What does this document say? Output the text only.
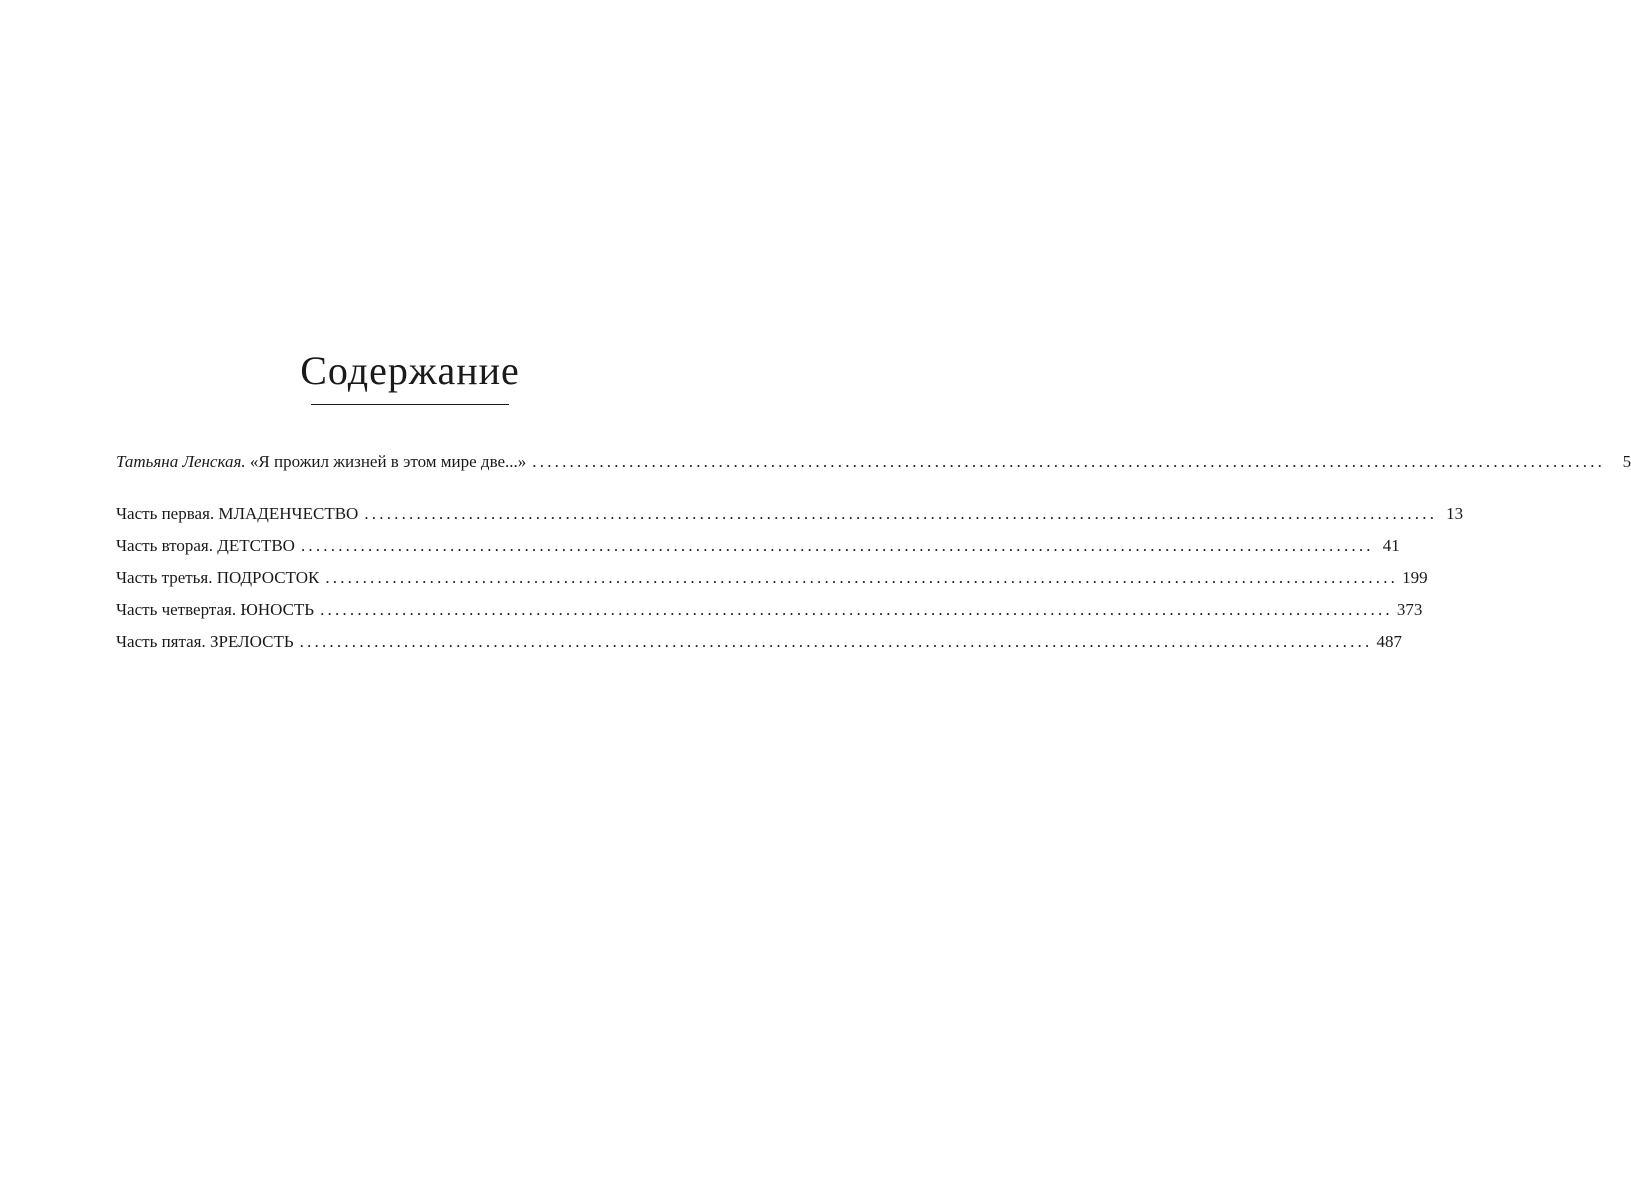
Содержание
Татьяна Ленская. «Я прожил жизней в этом мире две...» ................................................................................................................................................	5
Часть первая. МЛАДЕНЧЕСТВО ................................................................................................................................................ 13
Часть вторая. ДЕТСТВО ................................................................................................................................................ 41
Часть третья. ПОДРОСТОК ................................................................................................................................................ 199
Часть четвертая. ЮНОСТЬ ................................................................................................................................................ 373
Часть пятая. ЗРЕЛОСТЬ ................................................................................................................................................ 487
